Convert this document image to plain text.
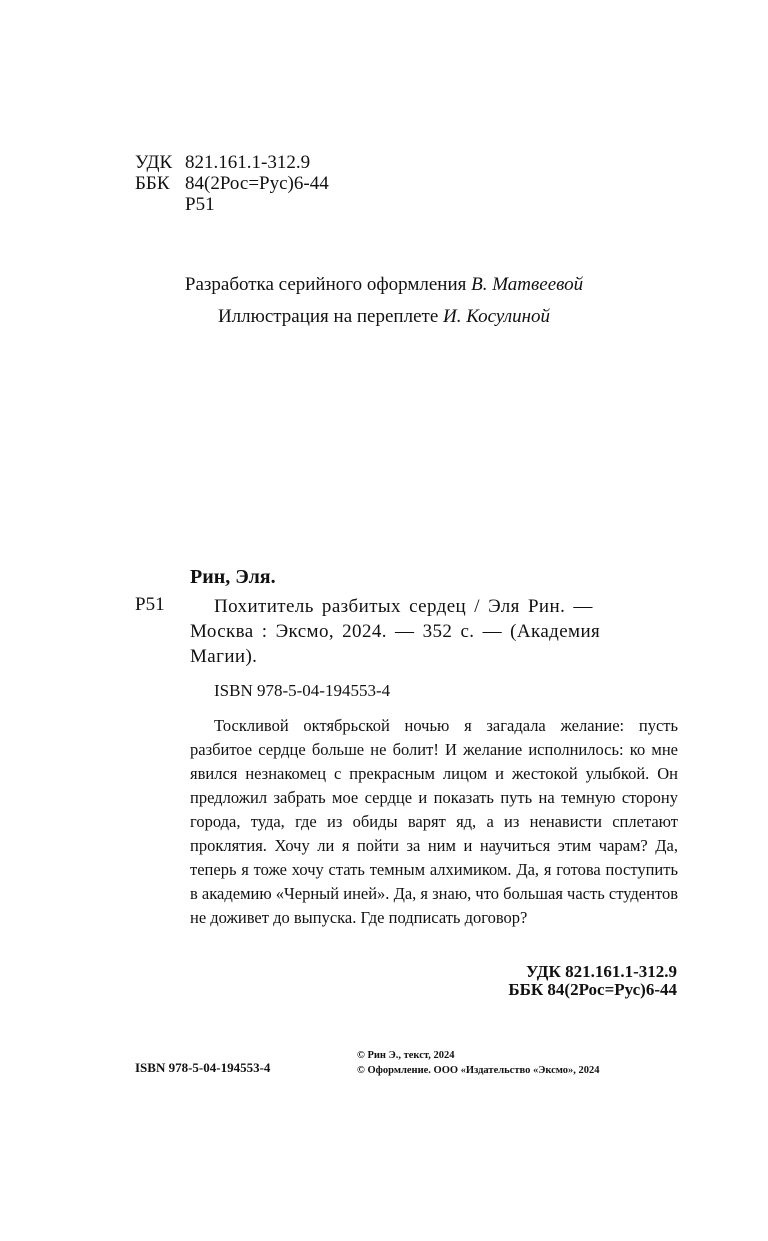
УДК 821.161.1-312.9
ББК 84(2Рос=Рус)6-44
Р51
Разработка серийного оформления В. Матвеевой
Иллюстрация на переплете И. Косулиной
Рин, Эля.
Р51	Похититель разбитых сердец / Эля Рин. —
Москва : Эксмо, 2024. — 352 с. — (Академия
Магии).
ISBN 978-5-04-194553-4
Тоскливой октябрьской ночью я загадала желание: пусть разбитое сердце больше не болит! И желание исполнилось: ко мне явился незнакомец с прекрасным лицом и жестокой улыбкой. Он предложил забрать мое сердце и показать путь на темную сторону города, туда, где из обиды варят яд, а из ненависти сплетают проклятия. Хочу ли я пойти за ним и научиться этим чарам? Да, теперь я тоже хочу стать темным алхимиком. Да, я готова поступить в академию «Черный иней». Да, я знаю, что большая часть студентов не доживет до выпуска. Где подписать договор?
УДК 821.161.1-312.9
ББК 84(2Рос=Рус)6-44
ISBN 978-5-04-194553-4
© Рин Э., текст, 2024
© Оформление. ООО «Издательство «Эксмо», 2024
